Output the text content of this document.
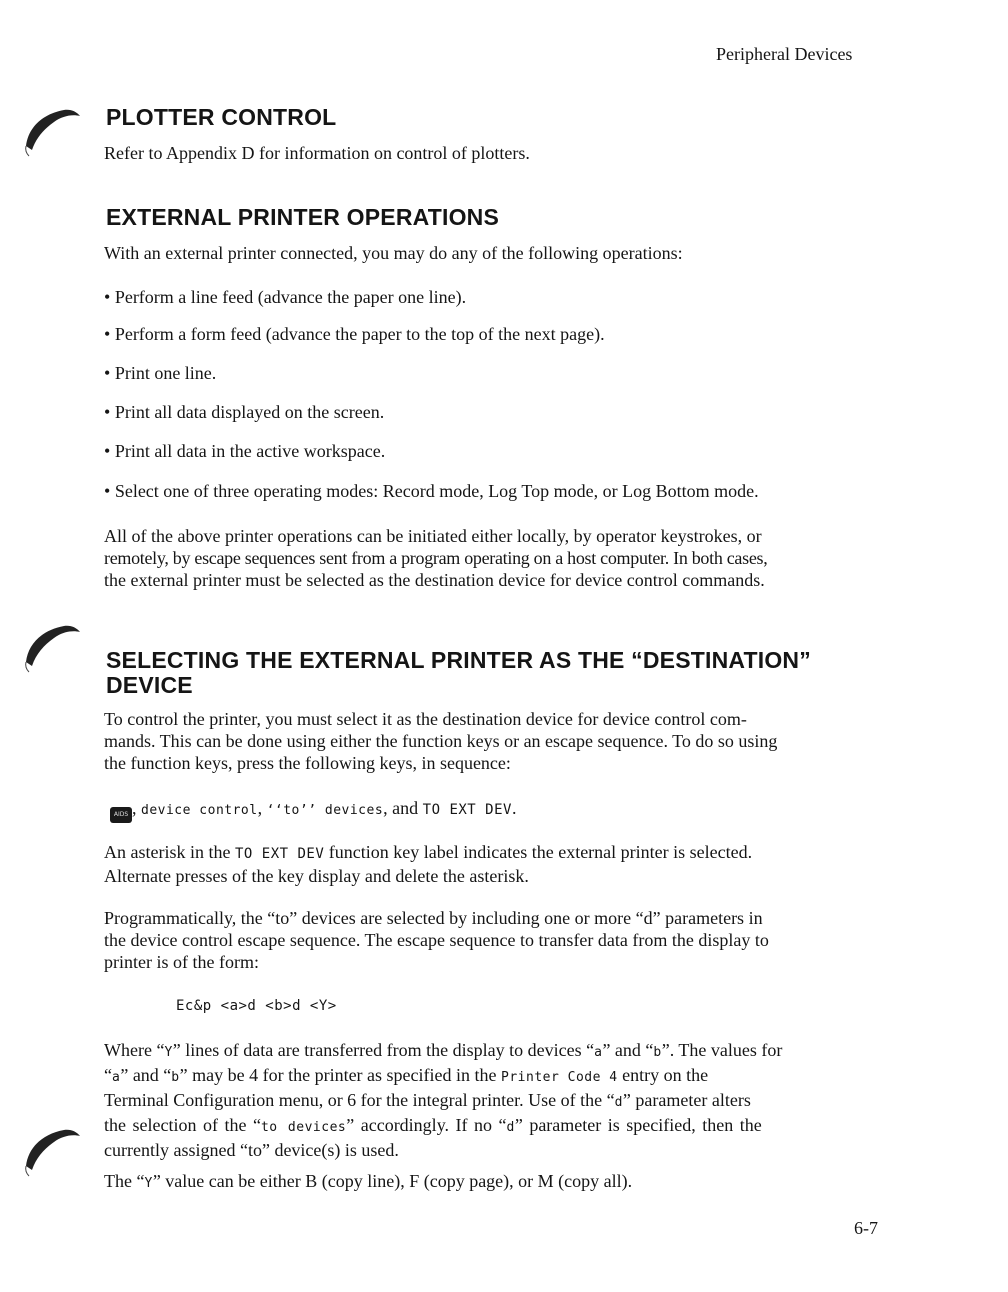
Peripheral Devices
PLOTTER CONTROL
Refer to Appendix D for information on control of plotters.
EXTERNAL PRINTER OPERATIONS
With an external printer connected, you may do any of the following operations:
• Perform a line feed (advance the paper one line).
• Perform a form feed (advance the paper to the top of the next page).
• Print one line.
• Print all data displayed on the screen.
• Print all data in the active workspace.
• Select one of three operating modes: Record mode, Log Top mode, or Log Bottom mode.
All of the above printer operations can be initiated either locally, by operator keystrokes, or
remotely, by escape sequences sent from a program operating on a host computer. In both cases,
the external printer must be selected as the destination device for device control commands.
SELECTING THE EXTERNAL PRINTER AS THE “DESTINATION”
DEVICE
To control the printer, you must select it as the destination device for device control com-
mands. This can be done using either the function keys or an escape sequence. To do so using
the function keys, press the following keys, in sequence:
AIDS , device control, ‘‘to’’ devices, and TO EXT DEV.
An asterisk in the TO EXT DEV function key label indicates the external printer is selected.
Alternate presses of the key display and delete the asterisk.
Programmatically, the “to” devices are selected by including one or more “d” parameters in
the device control escape sequence. The escape sequence to transfer data from the display to
printer is of the form:
Ec&p <a>d <b>d <Y>
Where “Y” lines of data are transferred from the display to devices “a” and “b”. The values for
“a” and “b” may be 4 for the printer as specified in the Printer Code 4 entry on the
Terminal Configuration menu, or 6 for the integral printer. Use of the “d” parameter alters
the selection of the “to devices” accordingly. If no “d” parameter is specified, then the
currently assigned “to” device(s) is used.
The “Y” value can be either B (copy line), F (copy page), or M (copy all).
6-7
